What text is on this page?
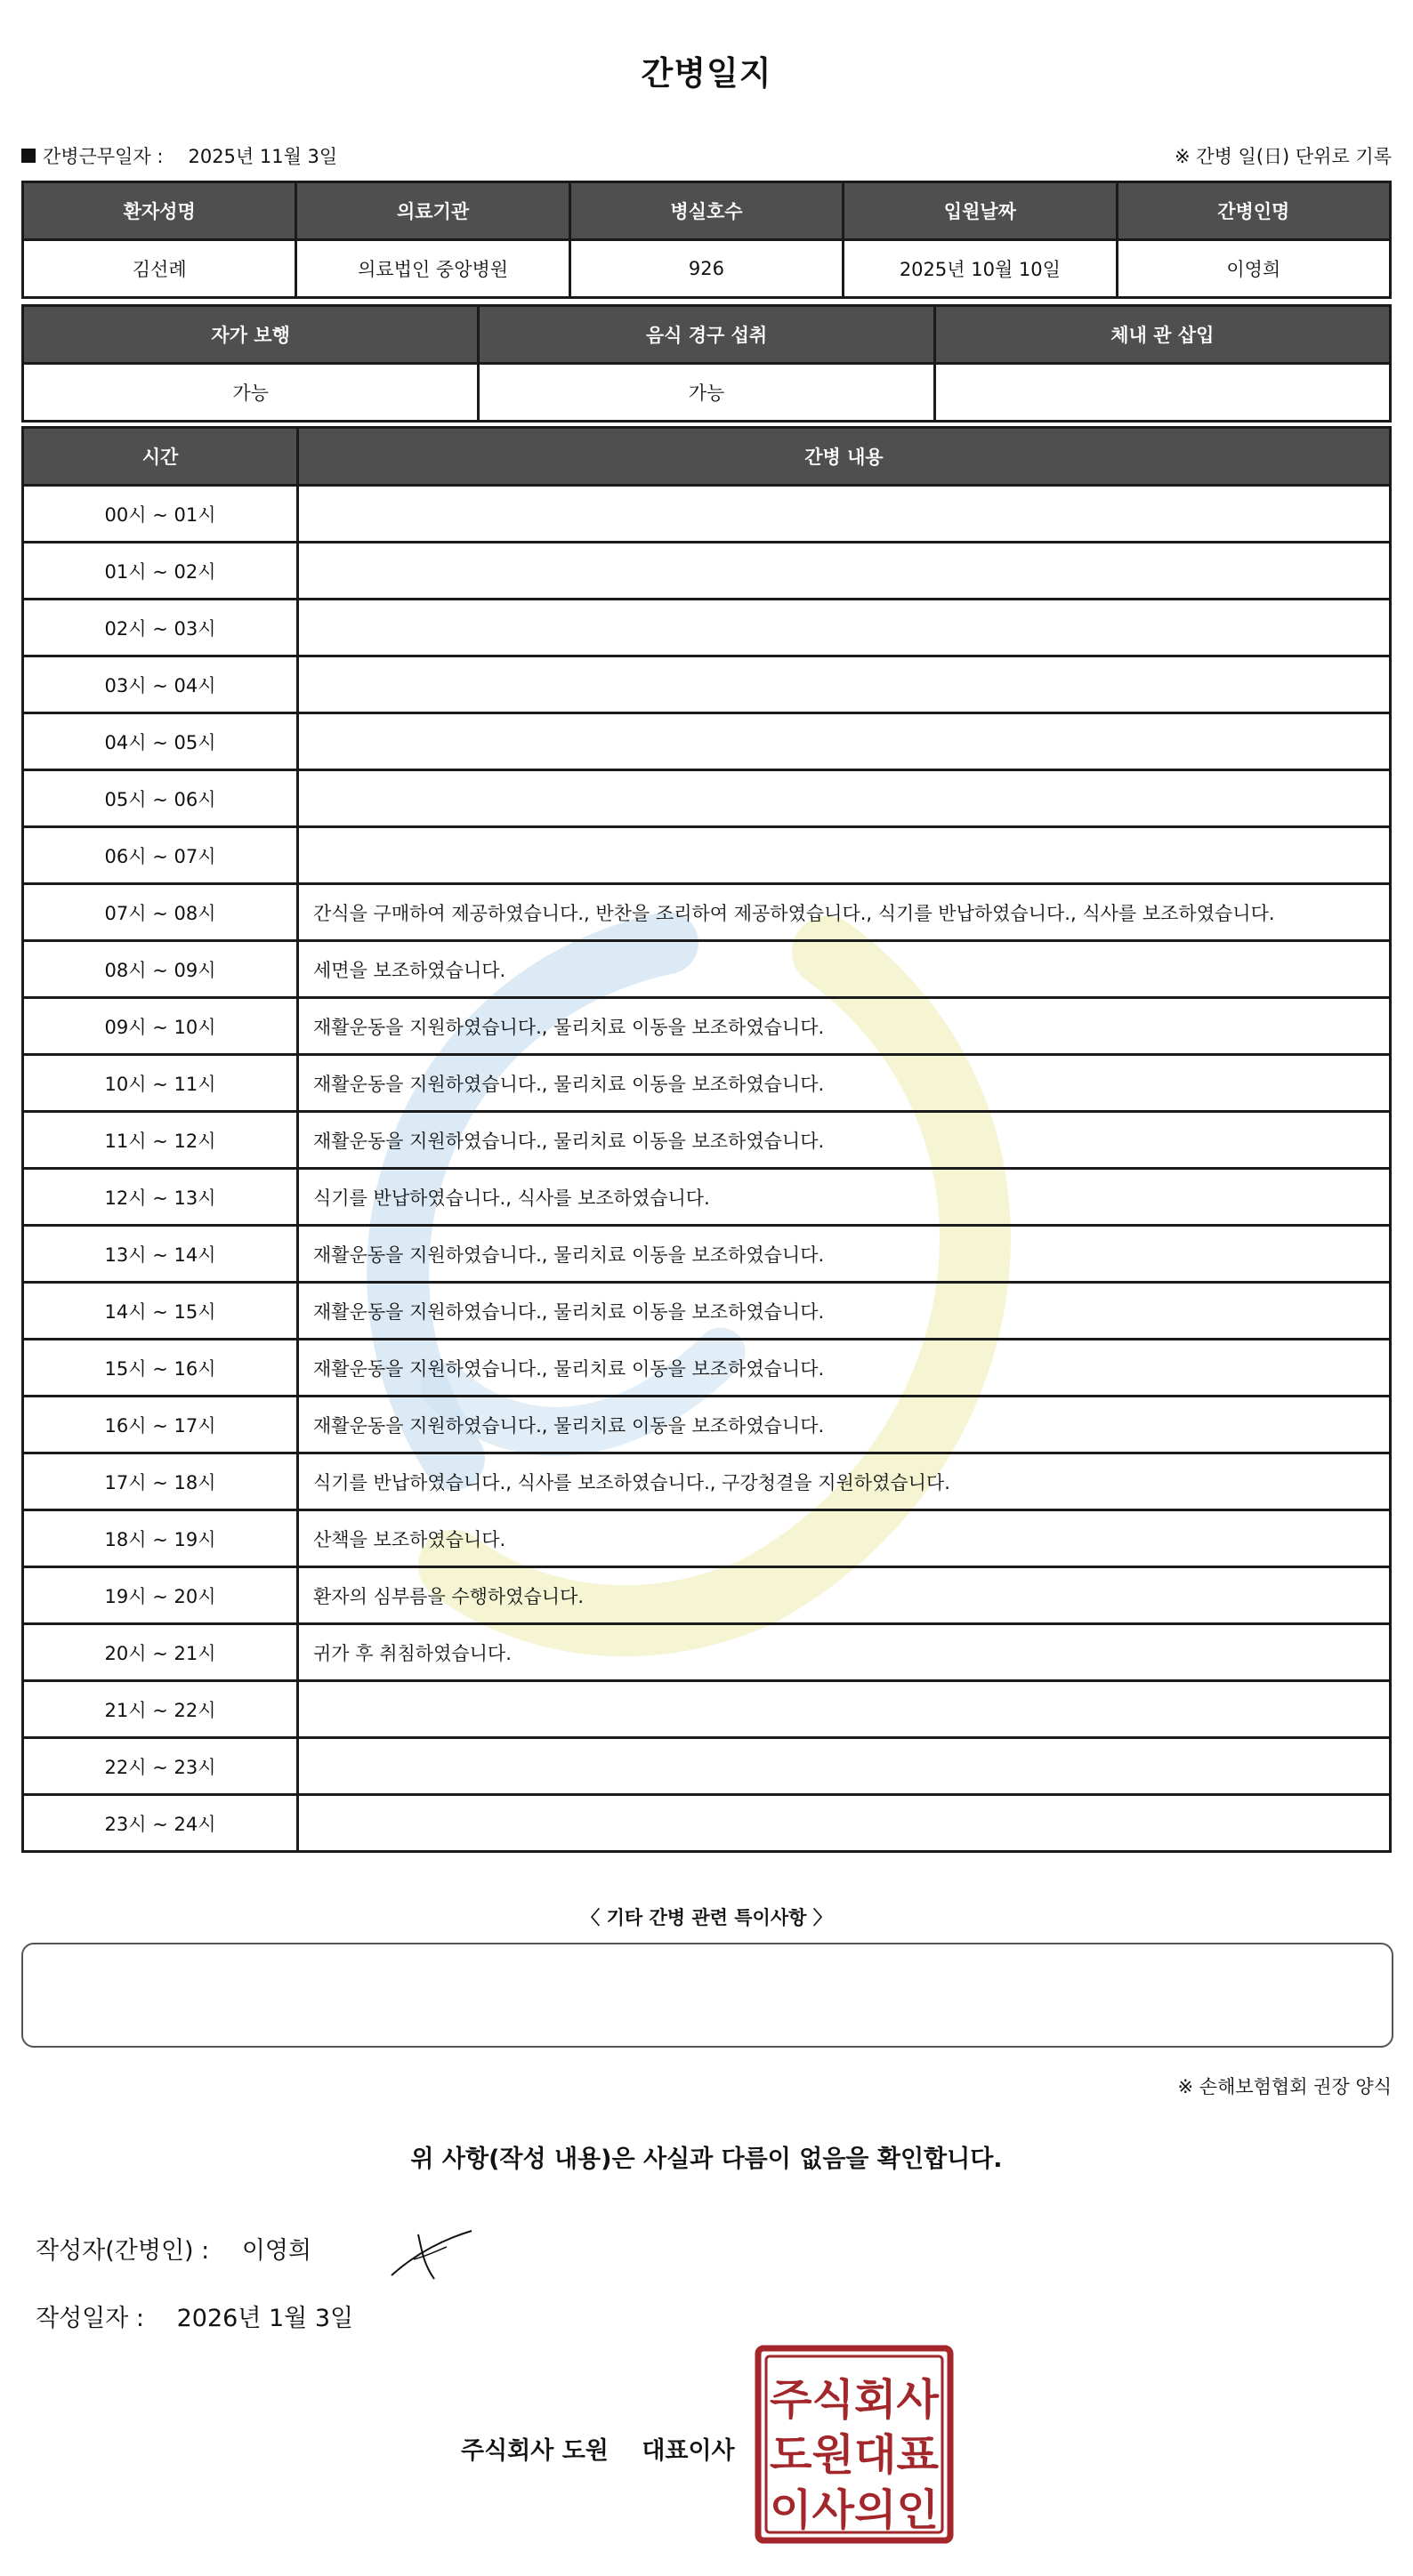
간병일지
간병근무일자 : 2025년 11월 3일	※ 간병 일(日) 단위로 기록
환자성명	의료기관	병실호수	입원날짜	간병인명
김선례	의료법인 중앙병원	926	2025년 10월 10일	이영희
자가 보행	음식 경구 섭취	체내 관 삽입
가능	가능	
시간	간병 내용
00시 ~ 01시	
01시 ~ 02시	
02시 ~ 03시	
03시 ~ 04시	
04시 ~ 05시	
05시 ~ 06시	
06시 ~ 07시	
07시 ~ 08시	간식을 구매하여 제공하였습니다., 반찬을 조리하여 제공하였습니다., 식기를 반납하였습니다., 식사를 보조하였습니다.
08시 ~ 09시	세면을 보조하였습니다.
09시 ~ 10시	재활운동을 지원하였습니다., 물리치료 이동을 보조하였습니다.
10시 ~ 11시	재활운동을 지원하였습니다., 물리치료 이동을 보조하였습니다.
11시 ~ 12시	재활운동을 지원하였습니다., 물리치료 이동을 보조하였습니다.
12시 ~ 13시	식기를 반납하였습니다., 식사를 보조하였습니다.
13시 ~ 14시	재활운동을 지원하였습니다., 물리치료 이동을 보조하였습니다.
14시 ~ 15시	재활운동을 지원하였습니다., 물리치료 이동을 보조하였습니다.
15시 ~ 16시	재활운동을 지원하였습니다., 물리치료 이동을 보조하였습니다.
16시 ~ 17시	재활운동을 지원하였습니다., 물리치료 이동을 보조하였습니다.
17시 ~ 18시	식기를 반납하였습니다., 식사를 보조하였습니다., 구강청결을 지원하였습니다.
18시 ~ 19시	산책을 보조하였습니다.
19시 ~ 20시	환자의 심부름을 수행하였습니다.
20시 ~ 21시	귀가 후 취침하였습니다.
21시 ~ 22시	
22시 ~ 23시	
23시 ~ 24시	
〈 기타 간병 관련 특이사항 〉
※ 손해보험협회 권장 양식
위 사항(작성 내용)은 사실과 다름이 없음을 확인합니다.
작성자(간병인) : 이영희
작성일자 : 2026년 1월 3일
주식회사 도원 대표이사
주식회사
도원대표
이사의인
